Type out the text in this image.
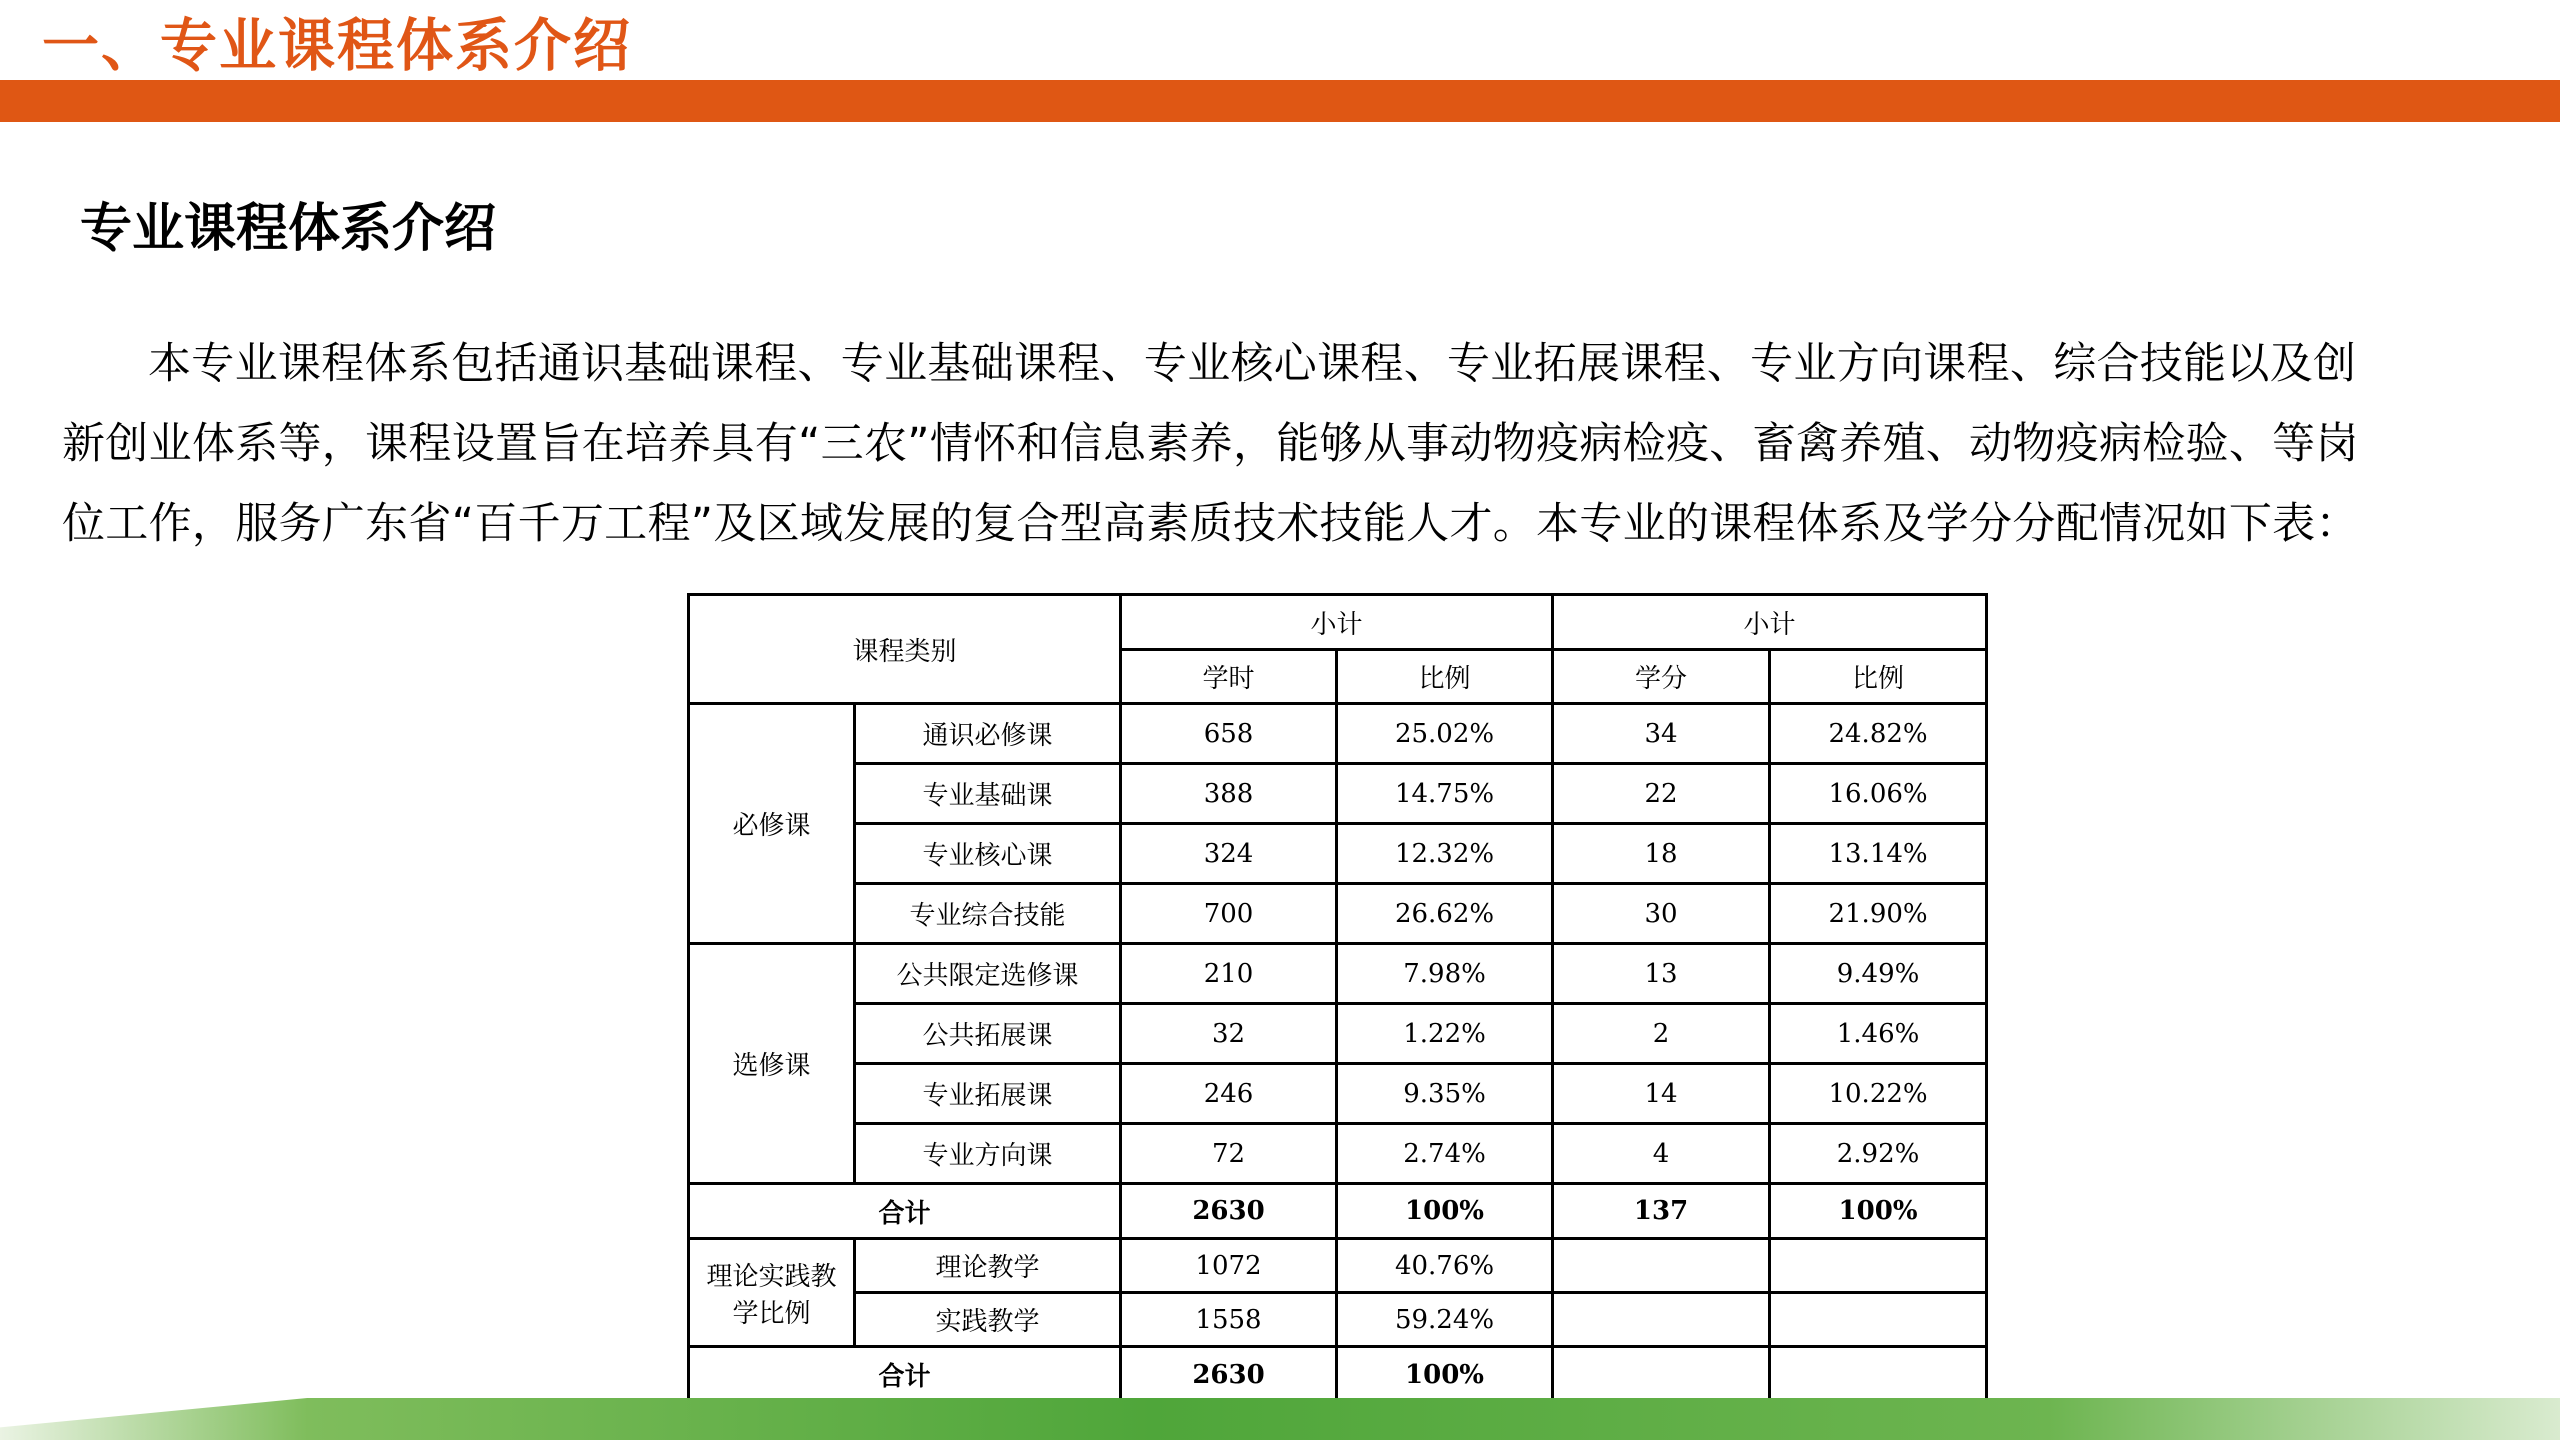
一、专业课程体系介绍
专业课程体系介绍

本专业课程体系包括通识基础课程、专业基础课程、专业核心课程、专业拓展课程、专业方向课程、综合技能以及创新创业体系等，课程设置旨在培养具有“三农”情怀和信息素养，能够从事动物疫病检疫、畜禽养殖、动物疫病检验、等岗位工作，服务广东省“百千万工程”及区域发展的复合型高素质技术技能人才。本专业的课程体系及学分分配情况如下表：

课程类别		小计		小计	
		学时	比例	学分	比例
必修课	通识必修课	658	25.02%	34	24.82%
	专业基础课	388	14.75%	22	16.06%
	专业核心课	324	12.32%	18	13.14%
	专业综合技能	700	26.62%	30	21.90%
选修课	公共限定选修课	210	7.98%	13	9.49%
	公共拓展课	32	1.22%	2	1.46%
	专业拓展课	246	9.35%	14	10.22%
	专业方向课	72	2.74%	4	2.92%
合计		2630	100%	137	100%
理论实践教学比例	理论教学	1072	40.76%		
	实践教学	1558	59.24%		
合计		2630	100%		
